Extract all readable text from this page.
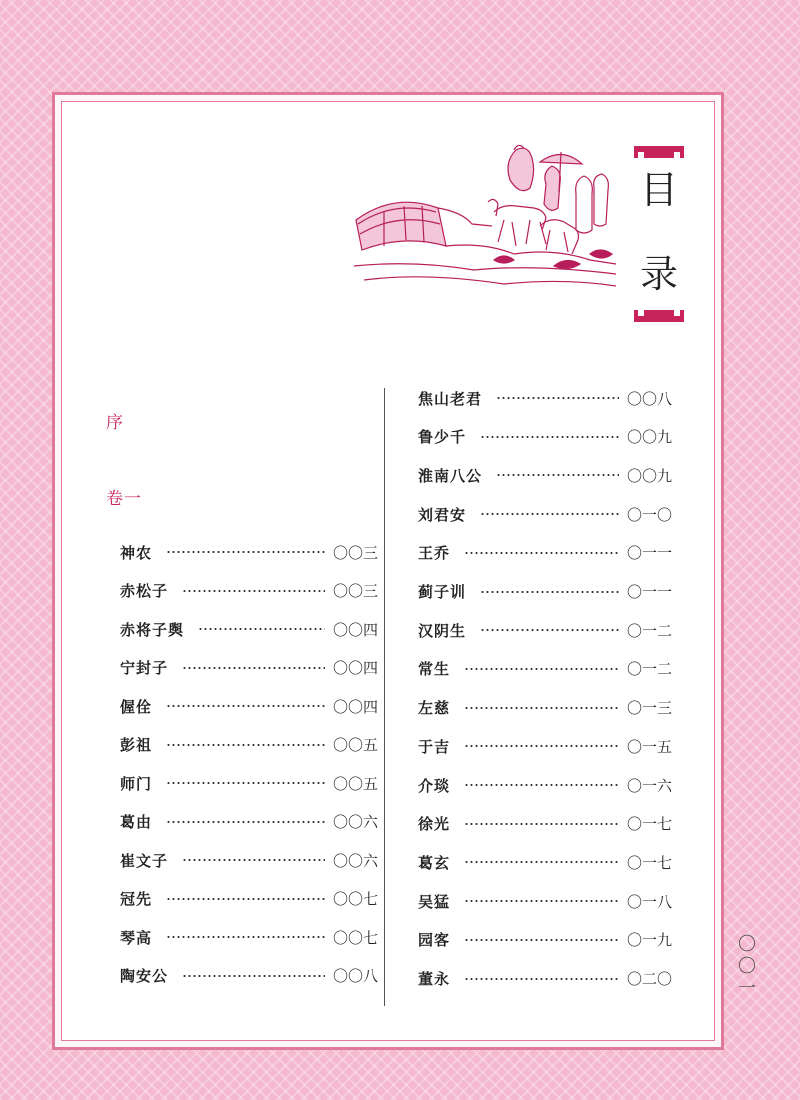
目
录
序
卷一
神农	〇〇三
赤松子	〇〇三
赤将子舆	〇〇四
宁封子	〇〇四
偓佺	〇〇四
彭祖	〇〇五
师门	〇〇五
葛由	〇〇六
崔文子	〇〇六
冠先	〇〇七
琴高	〇〇七
陶安公	〇〇八
焦山老君	〇〇八
鲁少千	〇〇九
淮南八公	〇〇九
刘君安	〇一〇
王乔	〇一一
蓟子训	〇一一
汉阴生	〇一二
常生	〇一二
左慈	〇一三
于吉	〇一五
介琰	〇一六
徐光	〇一七
葛玄	〇一七
吴猛	〇一八
园客	〇一九
董永	〇二〇	〇〇一
